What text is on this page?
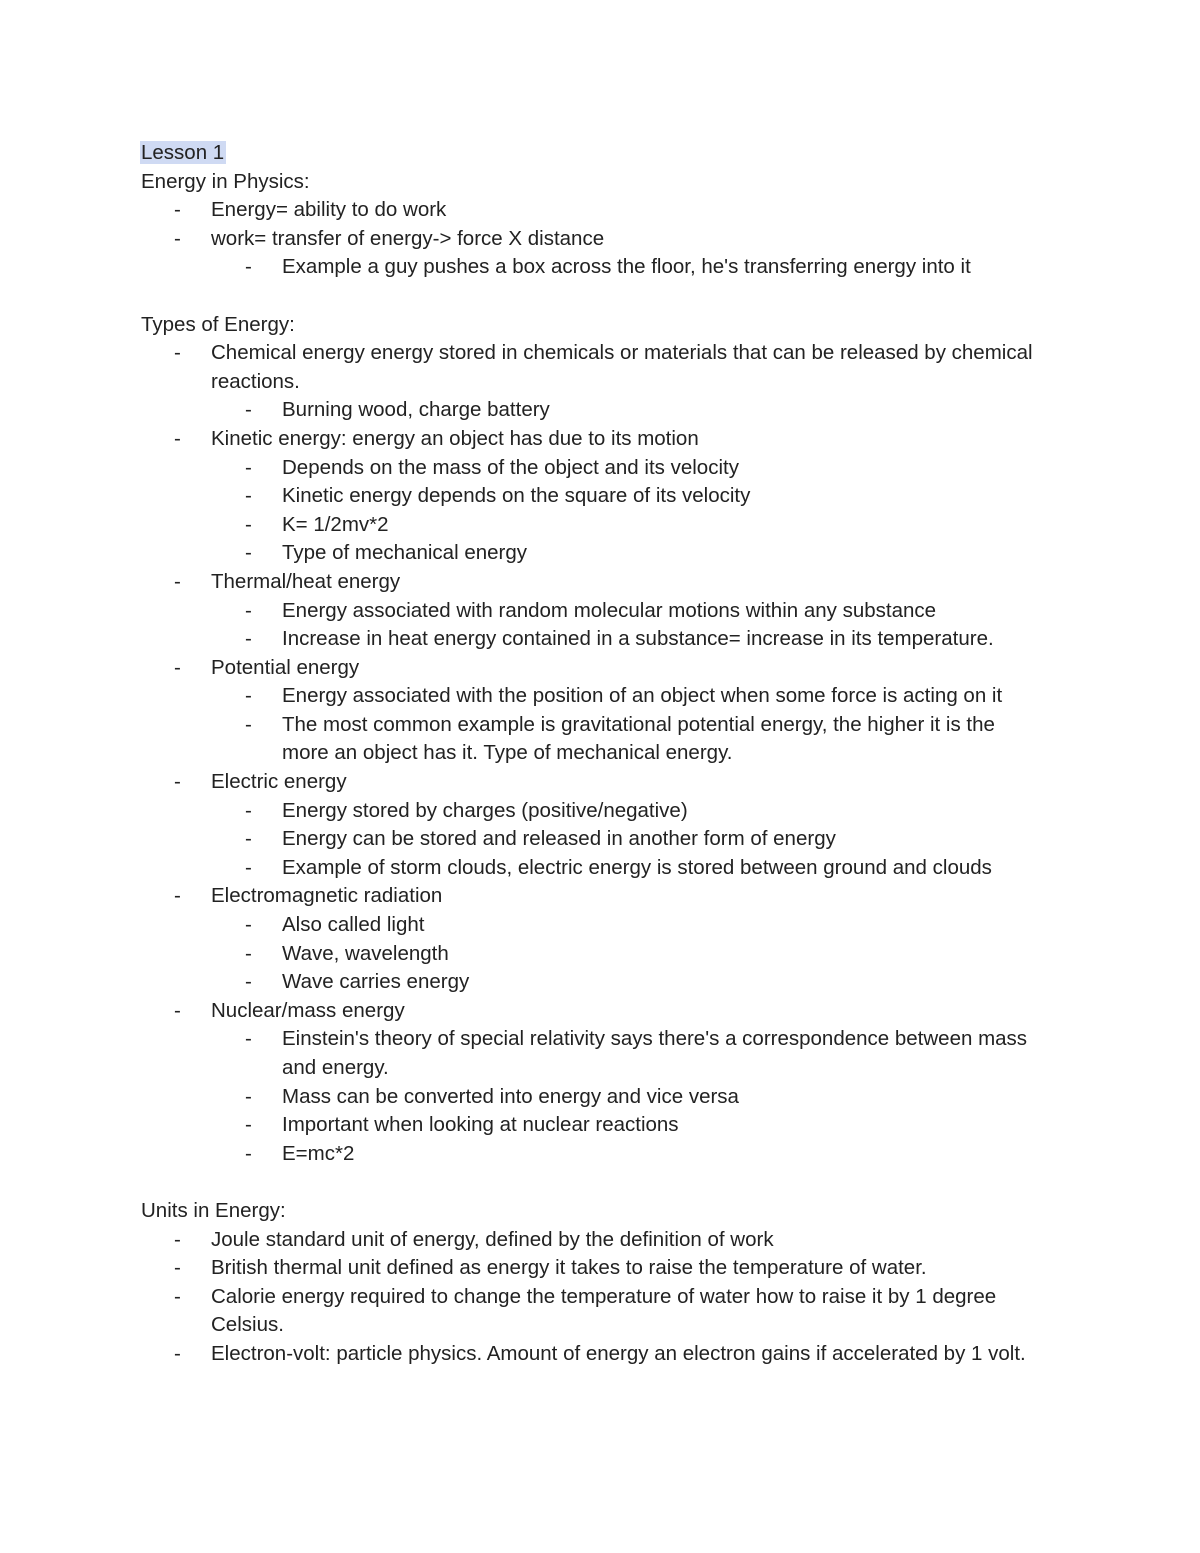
Lesson 1
Energy in Physics:
-	Energy= ability to do work
-	work= transfer of energy-> force X distance
-	Example a guy pushes a box across the floor, he's transferring energy into it
Types of Energy:
-	Chemical energy energy stored in chemicals or materials that can be released by chemical reactions.
-	Burning wood, charge battery
-	Kinetic energy: energy an object has due to its motion
-	Depends on the mass of the object and its velocity
-	Kinetic energy depends on the square of its velocity
-	K= 1/2mv*2
-	Type of mechanical energy
-	Thermal/heat energy
-	Energy associated with random molecular motions within any substance
-	Increase in heat energy contained in a substance= increase in its temperature.
-	Potential energy
-	Energy associated with the position of an object when some force is acting on it
-	The most common example is gravitational potential energy, the higher it is the more an object has it. Type of mechanical energy.
-	Electric energy
-	Energy stored by charges (positive/negative)
-	Energy can be stored and released in another form of energy
-	Example of storm clouds, electric energy is stored between ground and clouds
-	Electromagnetic radiation
-	Also called light
-	Wave, wavelength
-	Wave carries energy
-	Nuclear/mass energy
-	Einstein's theory of special relativity says there's a correspondence between mass and energy.
-	Mass can be converted into energy and vice versa
-	Important when looking at nuclear reactions
-	E=mc*2
Units in Energy:
-	Joule standard unit of energy, defined by the definition of work
-	British thermal unit defined as energy it takes to raise the temperature of water.
-	Calorie energy required to change the temperature of water how to raise it by 1 degree Celsius.
-	Electron-volt: particle physics. Amount of energy an electron gains if accelerated by 1 volt.
